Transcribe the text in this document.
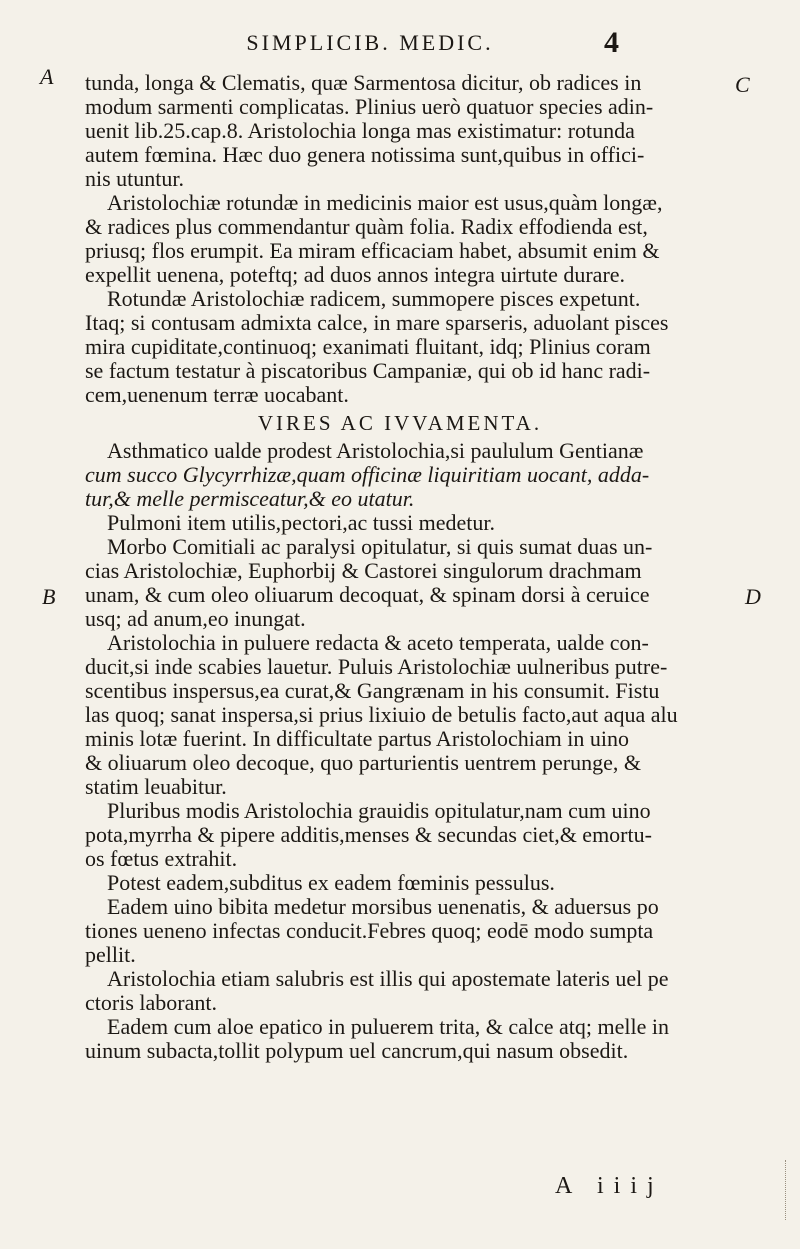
SIMPLICIB. MEDIC.	4
A	C
B	D
tunda, longa & Clematis, quæ Sarmentosa dicitur, ob radices in
modum sarmenti complicatas. Plinius uerò quatuor species adin-
uenit lib.25.cap.8. Aristolochia longa mas existimatur: rotunda
autem fœmina. Hæc duo genera notissima sunt,quibus in offici-
nis utuntur.
Aristolochiæ rotundæ in medicinis maior est usus,quàm longæ,
& radices plus commendantur quàm folia. Radix effodienda est,
priusq; flos erumpit. Ea miram efficaciam habet, absumit enim &
expellit uenena, poteftq; ad duos annos integra uirtute durare.
Rotundæ Aristolochiæ radicem, summopere pisces expetunt.
Itaq; si contusam admixta calce, in mare sparseris, aduolant pisces
mira cupiditate,continuoq; exanimati fluitant, idq; Plinius coram
se factum testatur à piscatoribus Campaniæ, qui ob id hanc radi-
cem,uenenum terræ uocabant.
VIRES AC IVVAMENTA.
Asthmatico ualde prodest Aristolochia,si paululum Gentianæ
cum succo Glycyrrhizæ,quam officinæ liquiritiam uocant, adda-
tur,& melle permisceatur,& eo utatur.
Pulmoni item utilis,pectori,ac tussi medetur.
Morbo Comitiali ac paralysi opitulatur, si quis sumat duas un-
cias Aristolochiæ, Euphorbij & Castorei singulorum drachmam
unam, & cum oleo oliuarum decoquat, & spinam dorsi à ceruice
usq; ad anum,eo inungat.
Aristolochia in puluere redacta & aceto temperata, ualde con-
ducit,si inde scabies lauetur. Puluis Aristolochiæ uulneribus putre-
scentibus inspersus,ea curat,& Gangrænam in his consumit. Fistu
las quoq; sanat inspersa,si prius lixiuio de betulis facto,aut aqua alu
minis lotæ fuerint. In difficultate partus Aristolochiam in uino
& oliuarum oleo decoque, quo parturientis uentrem perunge, &
statim leuabitur.
Pluribus modis Aristolochia grauidis opitulatur,nam cum uino
pota,myrrha & pipere additis,menses & secundas ciet,& emortu-
os fœtus extrahit.
Potest eadem,subditus ex eadem fœminis pessulus.
Eadem uino bibita medetur morsibus uenenatis, & aduersus po
tiones ueneno infectas conducit.Febres quoq; eodē modo sumpta
pellit.
Aristolochia etiam salubris est illis qui apostemate lateris uel pe
ctoris laborant.
Eadem cum aloe epatico in puluerem trita, & calce atq; melle in
uinum subacta,tollit polypum uel cancrum,qui nasum obsedit.
A iiij
